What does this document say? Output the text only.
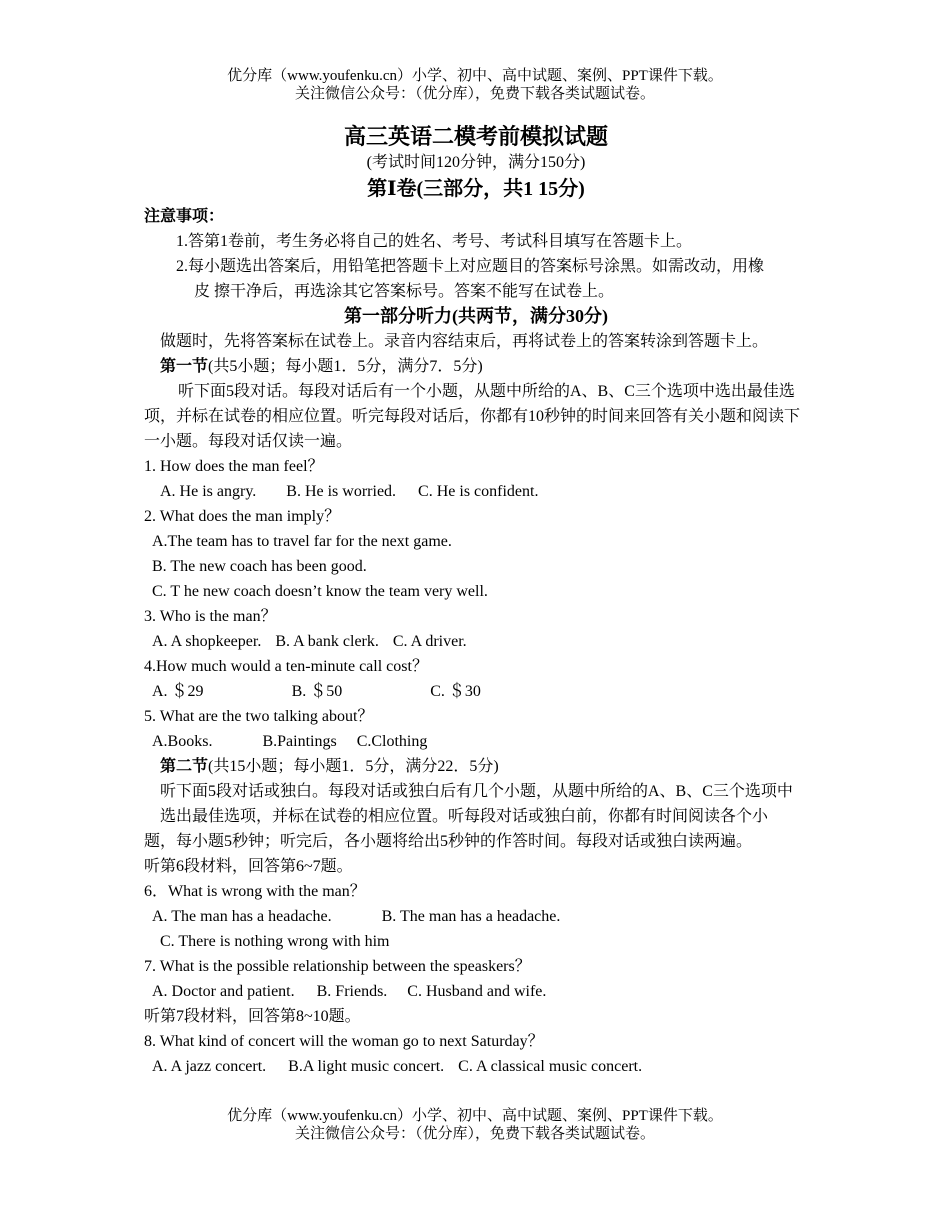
优分库（www.youfenku.cn）小学、初中、高中试题、案例、PPT课件下载。
关注微信公众号：（优分库），免费下载各类试题试卷。
高三英语二模考前模拟试题
(考试时间120分钟，满分150分)
第Ⅰ卷(三部分，共1 15分)
注意事项：
1.答第1卷前，考生务必将自己的姓名、考号、考试科目填写在答题卡上。
2.每小题选出答案后，用铅笔把答题卡上对应题目的答案标号涂黑。如需改动，用橡
皮 擦干净后，再选涂其它答案标号。答案不能写在试卷上。
第一部分听力(共两节，满分30分)
做题时，先将答案标在试卷上。录音内容结束后，再将试卷上的答案转涂到答题卡上。
第一节(共5小题；每小题1．5分，满分7．5分)
听下面5段对话。每段对话后有一个小题，从题中所给的A、B、C三个选项中选出最佳选项，并标在试卷的相应位置。听完每段对话后，你都有10秒钟的时间来回答有关小题和阅读下一小题。每段对话仅读一遍。
1. How does the man feel？
A. He is angry. B. He is worried. C. He is confident.
2. What does the man imply？
A.The team has to travel far for the next game.
B. The new coach has been good.
C. T he new coach doesn’t know the team very well.
3. Who is the man？
A. A shopkeeper. B. A bank clerk. C. A driver.
4.How much would a ten-minute call cost？
A. ＄29	B. ＄50	C. ＄30
5. What are the two talking about？
A.Books.	B.Paintings C.Clothing
第二节(共15小题；每小题1．5分，满分22．5分)
听下面5段对话或独白。每段对话或独白后有几个小题，从题中所给的A、B、C三个选项中选出最佳选项，并标在试卷的相应位置。听每段对话或独白前，你都有时间阅读各个小
题，每小题5秒钟；听完后，各小题将给出5秒钟的作答时间。每段对话或独白读两遍。
听第6段材料，回答第6~7题。
6．What is wrong with the man？
A. The man has a headache.	B. The man has a headache.
C. There is nothing wrong with him
7. What is the possible relationship between the speaskers？
A. Doctor and patient. B. Friends. C. Husband and wife.
听第7段材料，回答第8~10题。
8. What kind of concert will the woman go to next Saturday？
A. A jazz concert. B.A light music concert. C. A classical music concert.
优分库（www.youfenku.cn）小学、初中、高中试题、案例、PPT课件下载。
关注微信公众号：（优分库），免费下载各类试题试卷。
